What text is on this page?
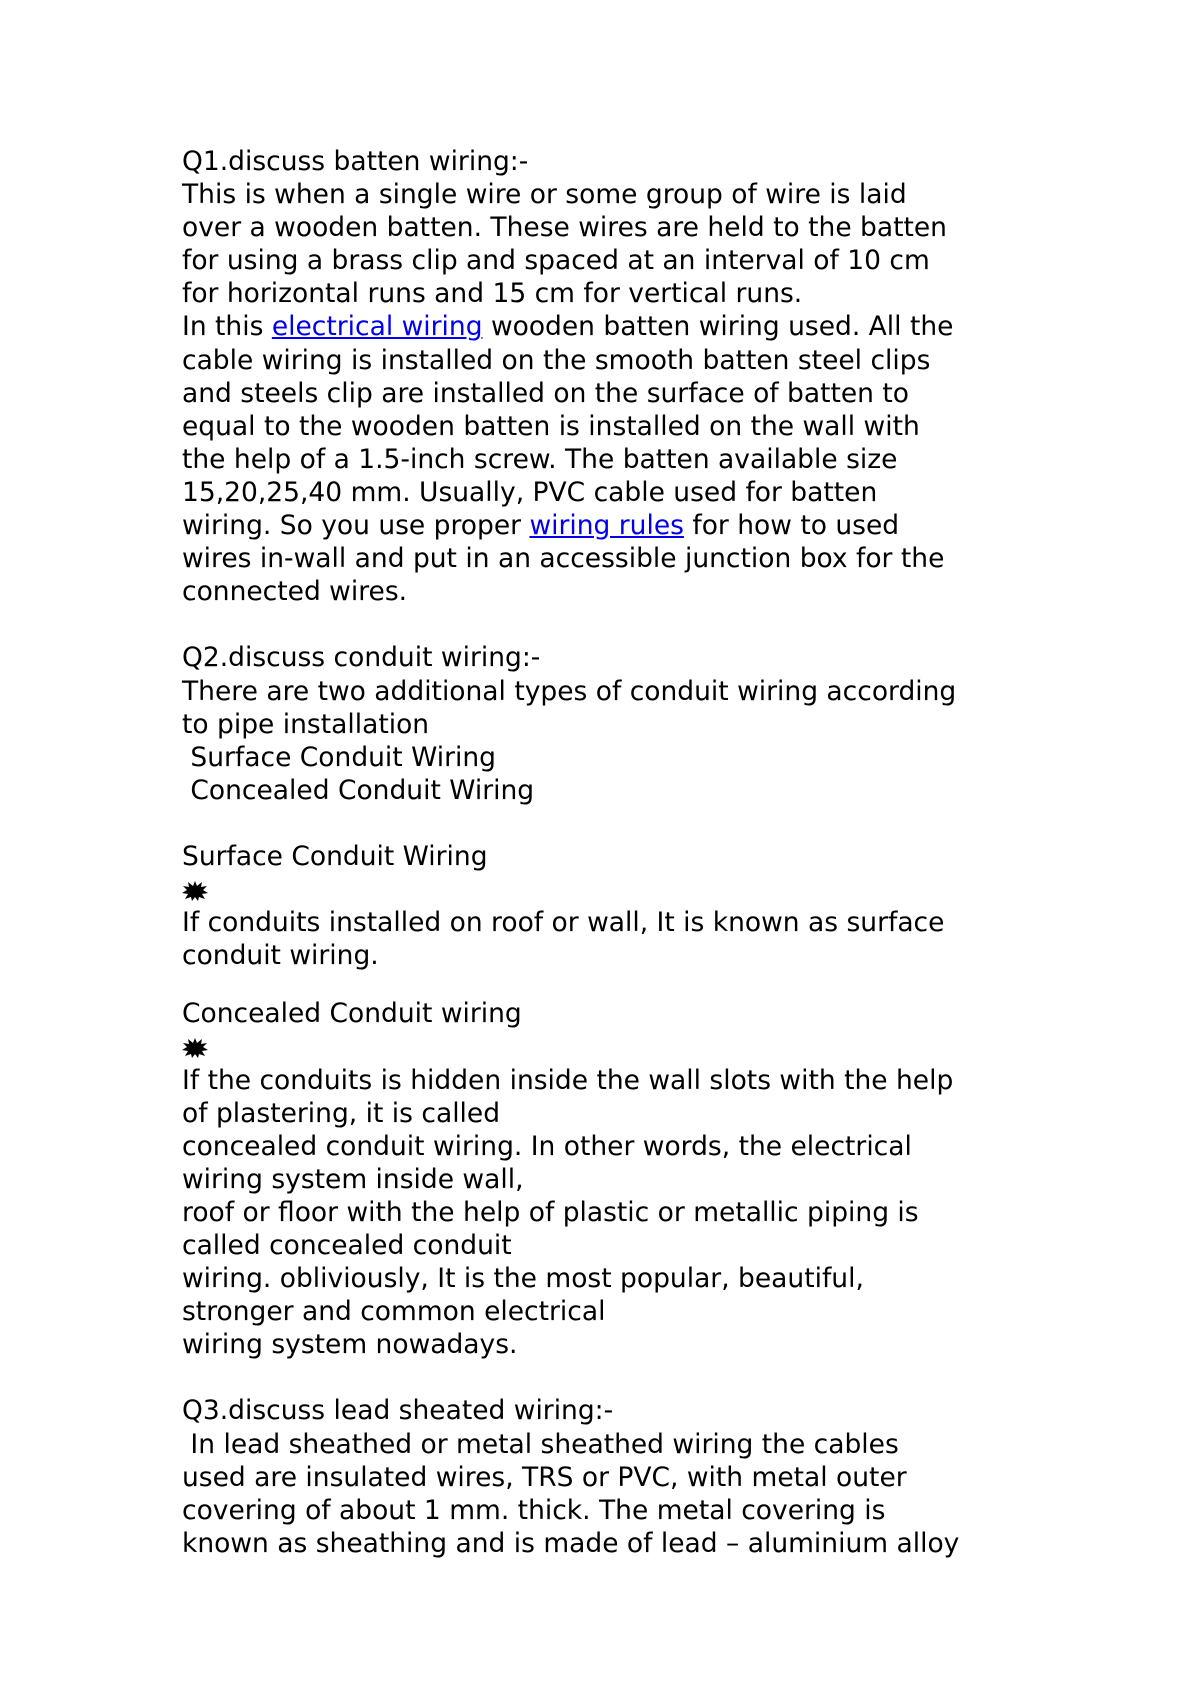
Q1.discuss batten wiring:-
This is when a single wire or some group of wire is laid
over a wooden batten. These wires are held to the batten
for using a brass clip and spaced at an interval of 10 cm
for horizontal runs and 15 cm for vertical runs.
In this electrical wiring wooden batten wiring used. All the
cable wiring is installed on the smooth batten steel clips
and steels clip are installed on the surface of batten to
equal to the wooden batten is installed on the wall with
the help of a 1.5-inch screw. The batten available size
15,20,25,40 mm. Usually, PVC cable used for batten
wiring. So you use proper wiring rules for how to used
wires in-wall and put in an accessible junction box for the
connected wires.
Q2.discuss conduit wiring:-
There are two additional types of conduit wiring according
to pipe installation
Surface Conduit Wiring
Concealed Conduit Wiring
Surface Conduit Wiring
If conduits installed on roof or wall, It is known as surface
conduit wiring.
Concealed Conduit wiring
If the conduits is hidden inside the wall slots with the help
of plastering, it is called
concealed conduit wiring. In other words, the electrical
wiring system inside wall,
roof or floor with the help of plastic or metallic piping is
called concealed conduit
wiring. obliviously, It is the most popular, beautiful,
stronger and common electrical
wiring system nowadays.
Q3.discuss lead sheated wiring:-
In lead sheathed or metal sheathed wiring the cables
used are insulated wires, TRS or PVC, with metal outer
covering of about 1 mm. thick. The metal covering is
known as sheathing and is made of lead – aluminium alloy
